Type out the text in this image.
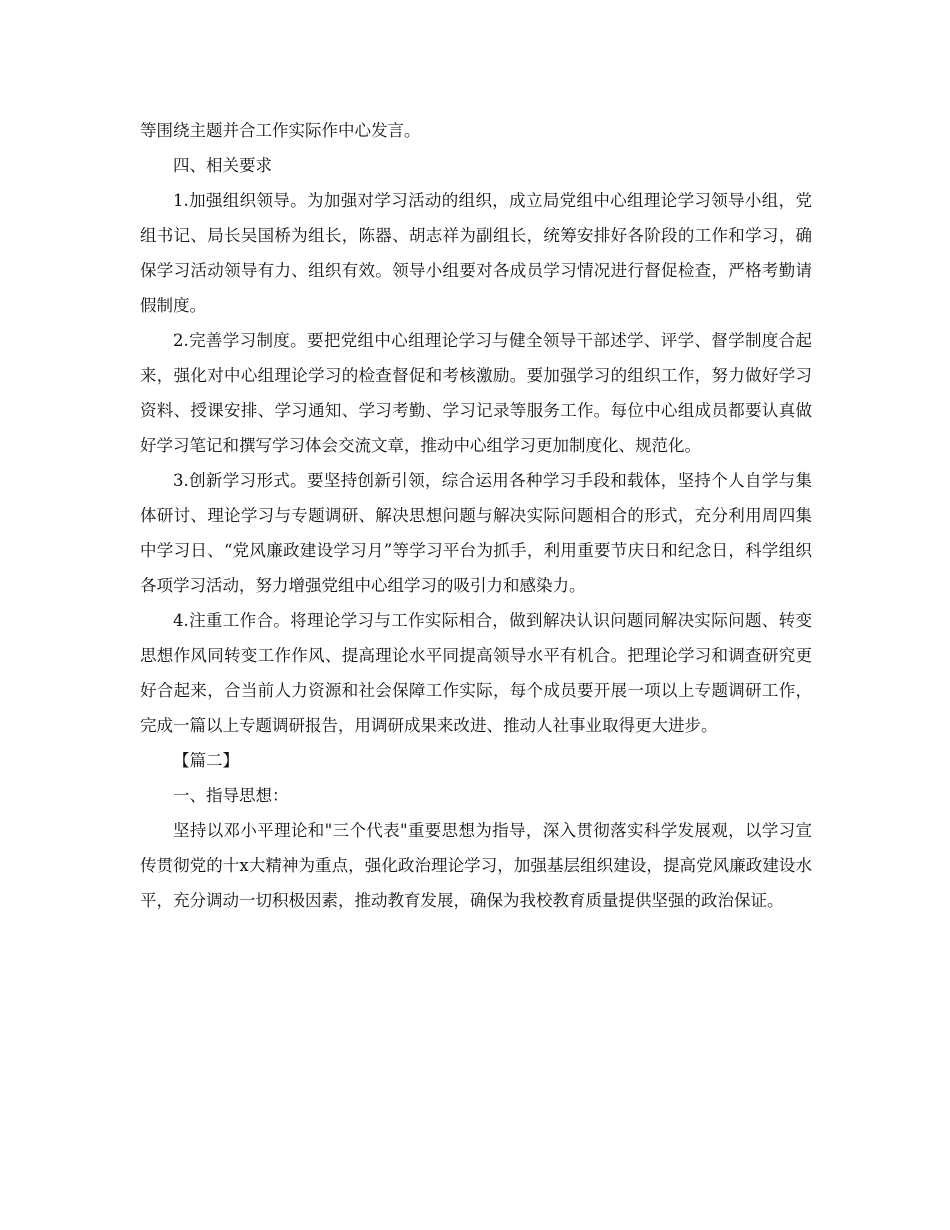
等围绕主题并合工作实际作中心发言。

四、相关要求

1.加强组织领导。为加强对学习活动的组织，成立局党组中心组理论学习领导小组，党组书记、局长吴国桥为组长，陈器、胡志祥为副组长，统筹安排好各阶段的工作和学习，确保学习活动领导有力、组织有效。领导小组要对各成员学习情况进行督促检查，严格考勤请假制度。

2.完善学习制度。要把党组中心组理论学习与健全领导干部述学、评学、督学制度合起来，强化对中心组理论学习的检查督促和考核激励。要加强学习的组织工作，努力做好学习资料、授课安排、学习通知、学习考勤、学习记录等服务工作。每位中心组成员都要认真做好学习笔记和撰写学习体会交流文章，推动中心组学习更加制度化、规范化。

3.创新学习形式。要坚持创新引领，综合运用各种学习手段和载体，坚持个人自学与集体研讨、理论学习与专题调研、解决思想问题与解决实际问题相合的形式，充分利用周四集中学习日、“党风廉政建设学习月”等学习平台为抓手，利用重要节庆日和纪念日，科学组织各项学习活动，努力增强党组中心组学习的吸引力和感染力。

4.注重工作合。将理论学习与工作实际相合，做到解决认识问题同解决实际问题、转变思想作风同转变工作作风、提高理论水平同提高领导水平有机合。把理论学习和调查研究更好合起来，合当前人力资源和社会保障工作实际，每个成员要开展一项以上专题调研工作，完成一篇以上专题调研报告，用调研成果来改进、推动人社事业取得更大进步。

【篇二】

一、指导思想：

坚持以邓小平理论和"三个代表"重要思想为指导，深入贯彻落实科学发展观，以学习宣传贯彻党的十x大精神为重点，强化政治理论学习，加强基层组织建设，提高党风廉政建设水平，充分调动一切积极因素，推动教育发展，确保为我校教育质量提供坚强的政治保证。
